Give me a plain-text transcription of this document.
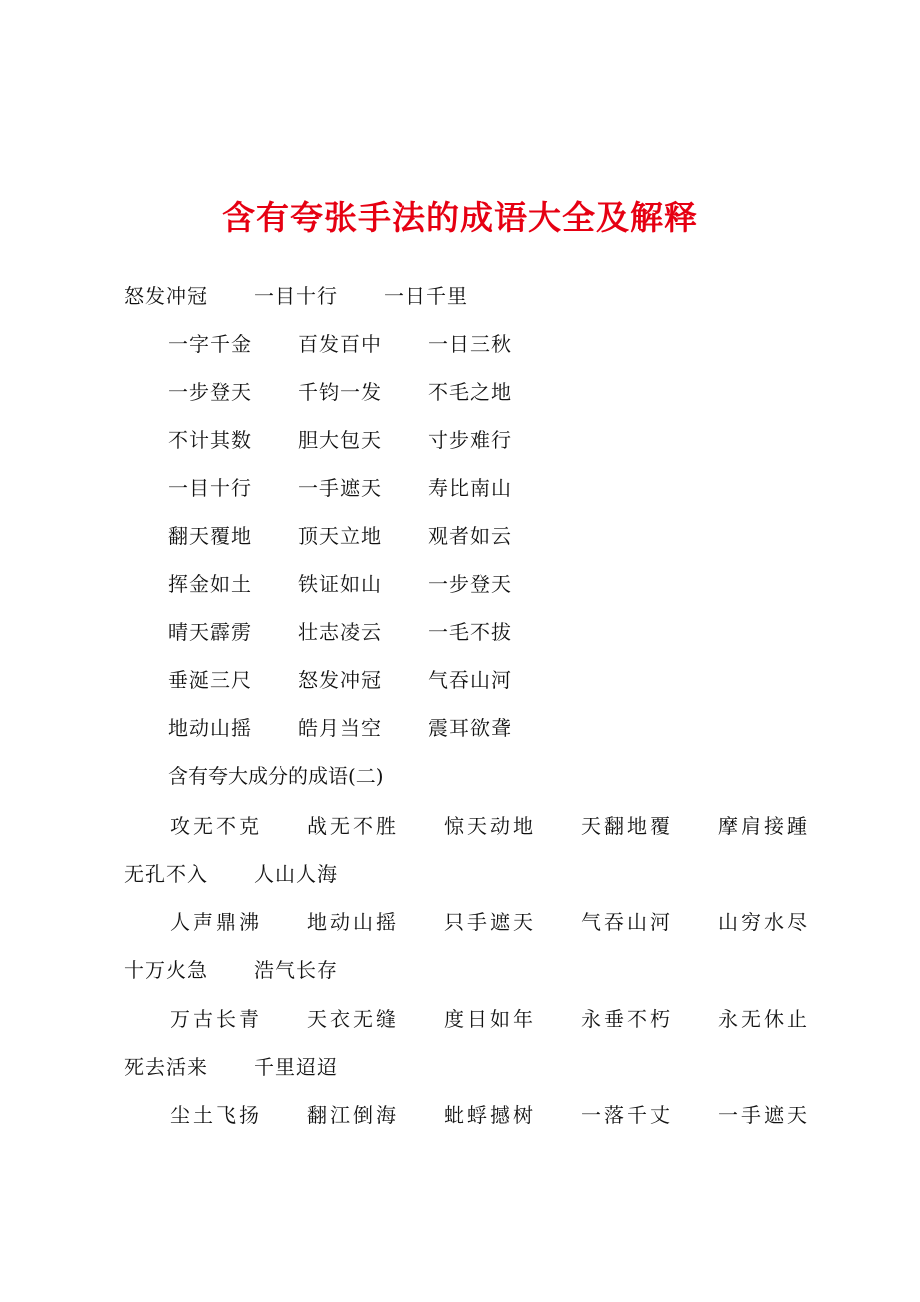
含有夸张手法的成语大全及解释
怒发冲冠 一目十行 一日千里
一字千金 百发百中 一日三秋
一步登天 千钧一发 不毛之地
不计其数 胆大包天 寸步难行
一目十行 一手遮天 寿比南山
翻天覆地 顶天立地 观者如云
挥金如土 铁证如山 一步登天
晴天霹雳 壮志凌云 一毛不拔
垂涎三尺 怒发冲冠 气吞山河
地动山摇 皓月当空 震耳欲聋
含有夸大成分的成语(二)
攻无不克 战无不胜 惊天动地 天翻地覆 摩肩接踵
无孔不入 人山人海
人声鼎沸 地动山摇 只手遮天 气吞山河 山穷水尽
十万火急 浩气长存
万古长青 天衣无缝 度日如年 永垂不朽 永无休止
死去活来 千里迢迢
尘土飞扬 翻江倒海 蚍蜉撼树 一落千丈 一手遮天
